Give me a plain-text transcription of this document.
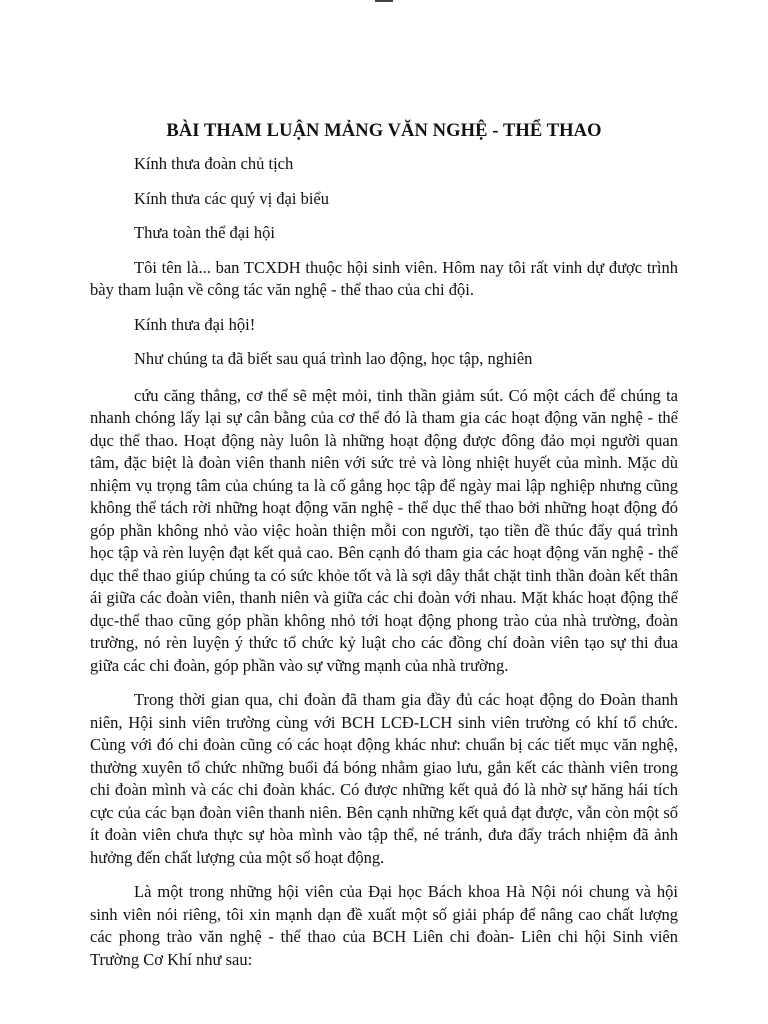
BÀI THAM LUẬN MẢNG VĂN NGHỆ - THỂ THAO

Kính thưa đoàn chủ tịch

Kính thưa các quý vị đại biểu

Thưa toàn thể đại hội

Tôi tên là... ban TCXDH thuộc hội sinh viên. Hôm nay tôi rất vinh dự được trình bày tham luận về công tác văn nghệ - thể thao của chi đội.

Kính thưa đại hội!

Như chúng ta đã biết sau quá trình lao động, học tập, nghiên

cứu căng thẳng, cơ thể sẽ mệt mỏi, tinh thần giảm sút. Có một cách để chúng ta nhanh chóng lấy lại sự cân bằng của cơ thể đó là tham gia các hoạt động văn nghệ - thể dục thể thao. Hoạt động này luôn là những hoạt động được đông đảo mọi người quan tâm, đặc biệt là đoàn viên thanh niên với sức trẻ và lòng nhiệt huyết của mình. Mặc dù nhiệm vụ trọng tâm của chúng ta là cố gắng học tập để ngày mai lập nghiệp nhưng cũng không thể tách rời những hoạt động văn nghệ - thể dục thể thao bởi những hoạt động đó góp phần không nhỏ vào việc hoàn thiện mỗi con người, tạo tiền đề thúc đẩy quá trình học tập và rèn luyện đạt kết quả cao. Bên cạnh đó tham gia các hoạt động văn nghệ - thể dục thể thao giúp chúng ta có sức khỏe tốt và là sợi dây thắt chặt tinh thần đoàn kết thân ái giữa các đoàn viên, thanh niên và giữa các chi đoàn với nhau. Mặt khác hoạt động thể dục-thể thao cũng góp phần không nhỏ tới hoạt động phong trào của nhà trường, đoàn trường, nó rèn luyện ý thức tổ chức kỷ luật cho các đồng chí đoàn viên tạo sự thi đua giữa các chi đoàn, góp phần vào sự vững mạnh của nhà trường.

Trong thời gian qua, chi đoàn đã tham gia đầy đủ các hoạt động do Đoàn thanh niên, Hội sinh viên trường cùng với BCH LCĐ-LCH sinh viên trường có khí tổ chức. Cùng với đó chi đoàn cũng có các hoạt động khác như: chuẩn bị các tiết mục văn nghệ, thường xuyên tổ chức những buổi đá bóng nhằm giao lưu, gắn kết các thành viên trong chi đoàn mình và các chi đoàn khác. Có được những kết quả đó là nhờ sự hăng hái tích cực của các bạn đoàn viên thanh niên. Bên cạnh những kết quả đạt được, vẫn còn một số ít đoàn viên chưa thực sự hòa mình vào tập thể, né tránh, đưa đẩy trách nhiệm đã ảnh hưởng đến chất lượng của một số hoạt động.

Là một trong những hội viên của Đại học Bách khoa Hà Nội nói chung và hội sinh viên nói riêng, tôi xin mạnh dạn đề xuất một số giải pháp để nâng cao chất lượng các phong trào văn nghệ - thể thao của BCH Liên chi đoàn- Liên chi hội Sinh viên Trường Cơ Khí như sau:
